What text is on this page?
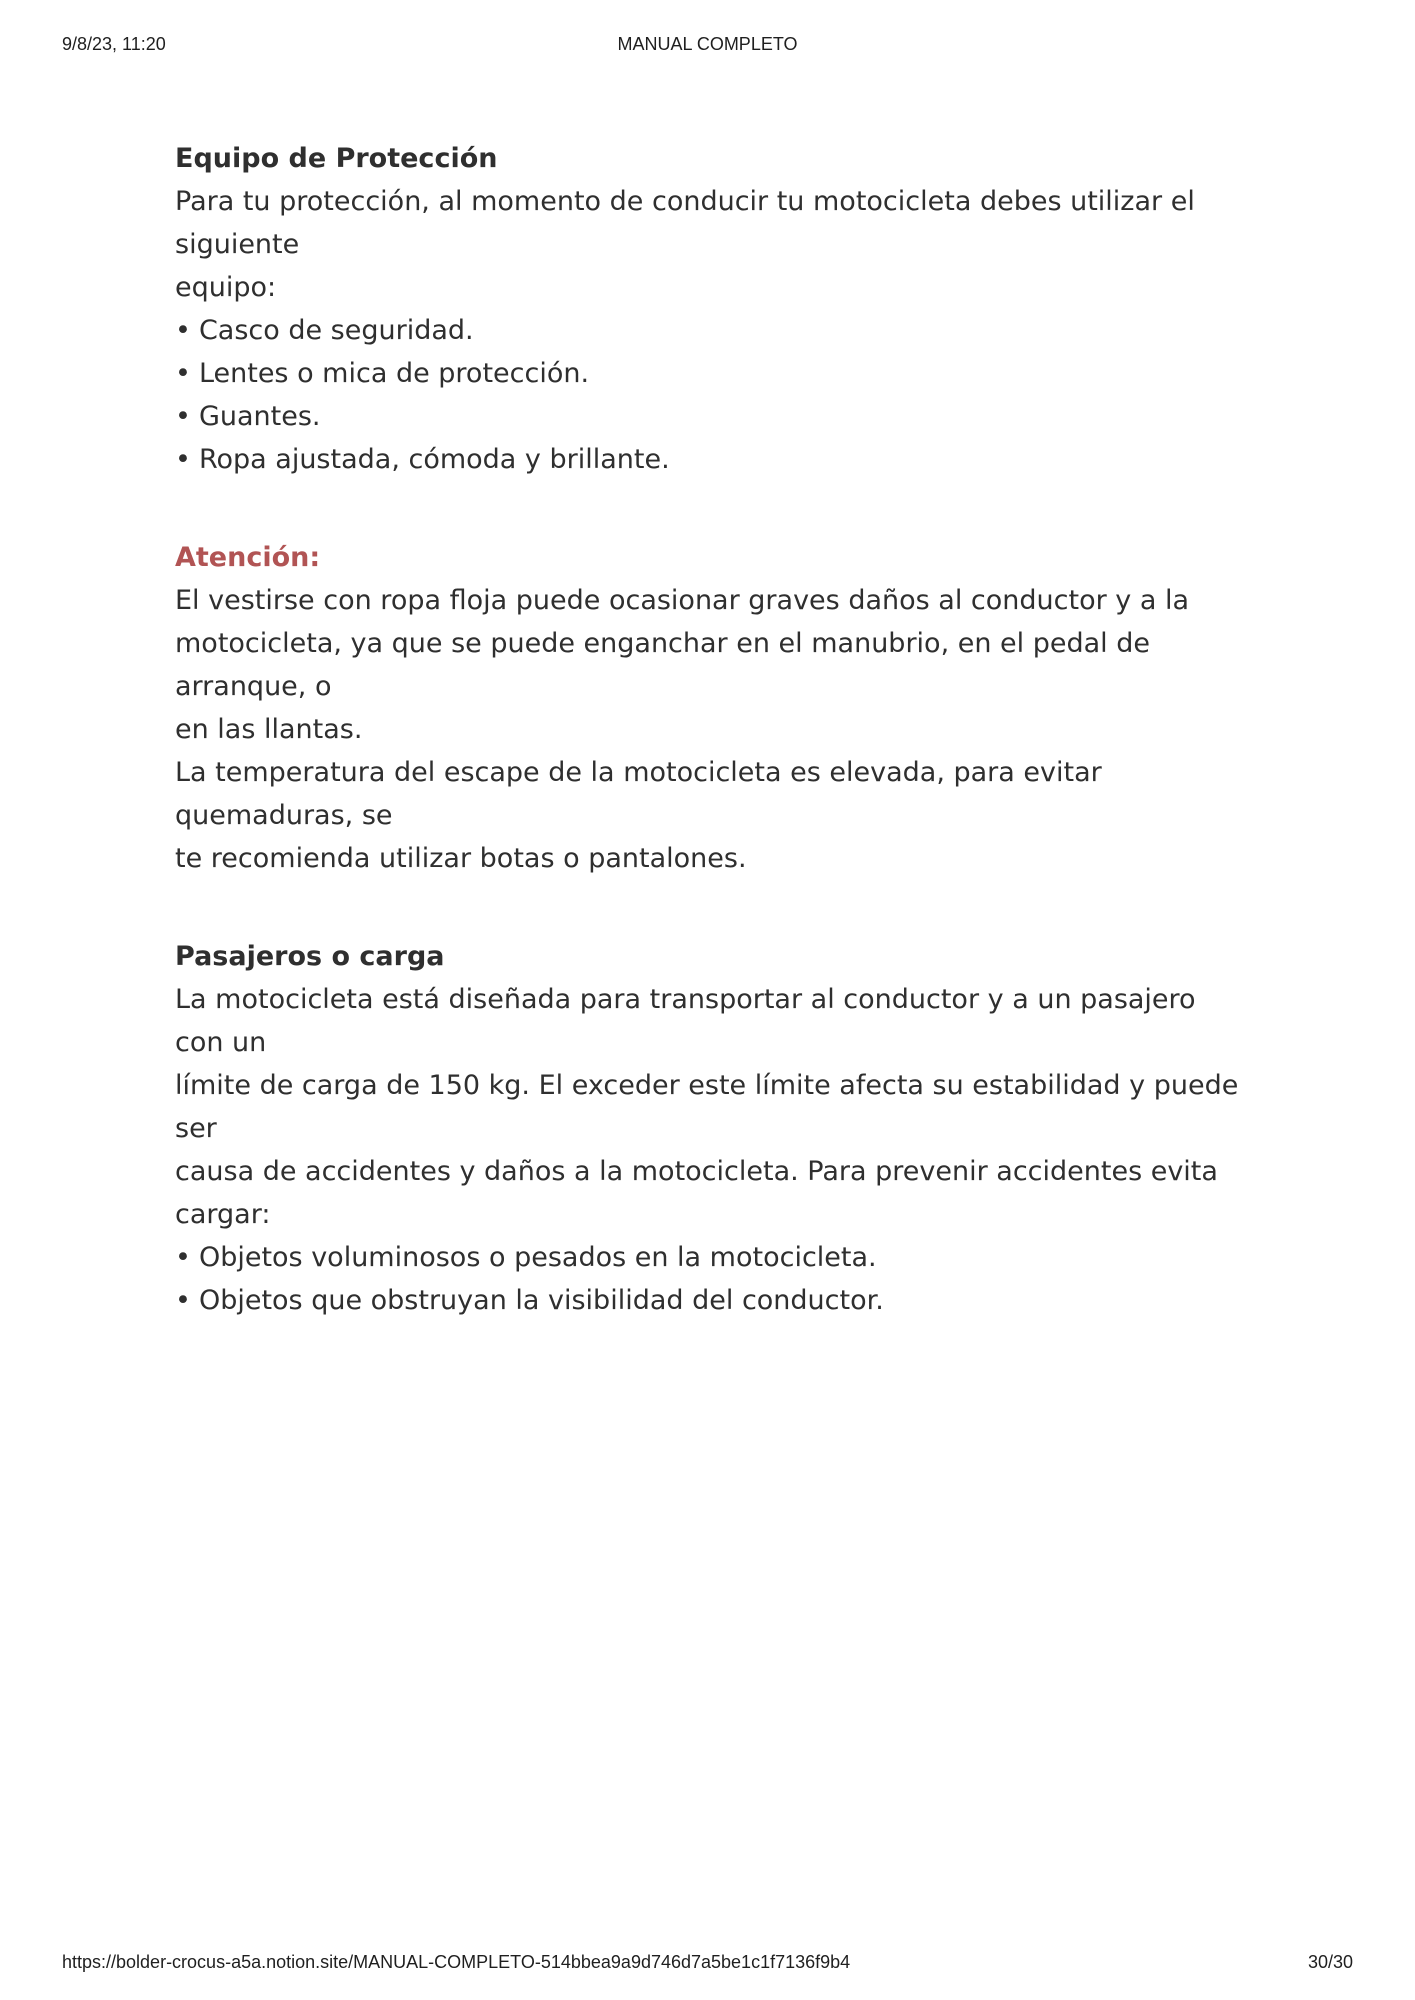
9/8/23, 11:20	MANUAL COMPLETO

Equipo de Protección

Para tu protección, al momento de conducir tu motocicleta debes utilizar el

siguiente

equipo:

• Casco de seguridad.

• Lentes o mica de protección.

• Guantes.

• Ropa ajustada, cómoda y brillante.

Atención:

El vestirse con ropa floja puede ocasionar graves daños al conductor y a la

motocicleta, ya que se puede enganchar en el manubrio, en el pedal de arranque, o

en las llantas.

La temperatura del escape de la motocicleta es elevada, para evitar quemaduras, se

te recomienda utilizar botas o pantalones.

Pasajeros o carga

La motocicleta está diseñada para transportar al conductor y a un pasajero con un

límite de carga de 150 kg. El exceder este límite afecta su estabilidad y puede ser

causa de accidentes y daños a la motocicleta. Para prevenir accidentes evita cargar:

• Objetos voluminosos o pesados en la motocicleta.

• Objetos que obstruyan la visibilidad del conductor.

https://bolder-crocus-a5a.notion.site/MANUAL-COMPLETO-514bbea9a9d746d7a5be1c1f7136f9b4	30/30
